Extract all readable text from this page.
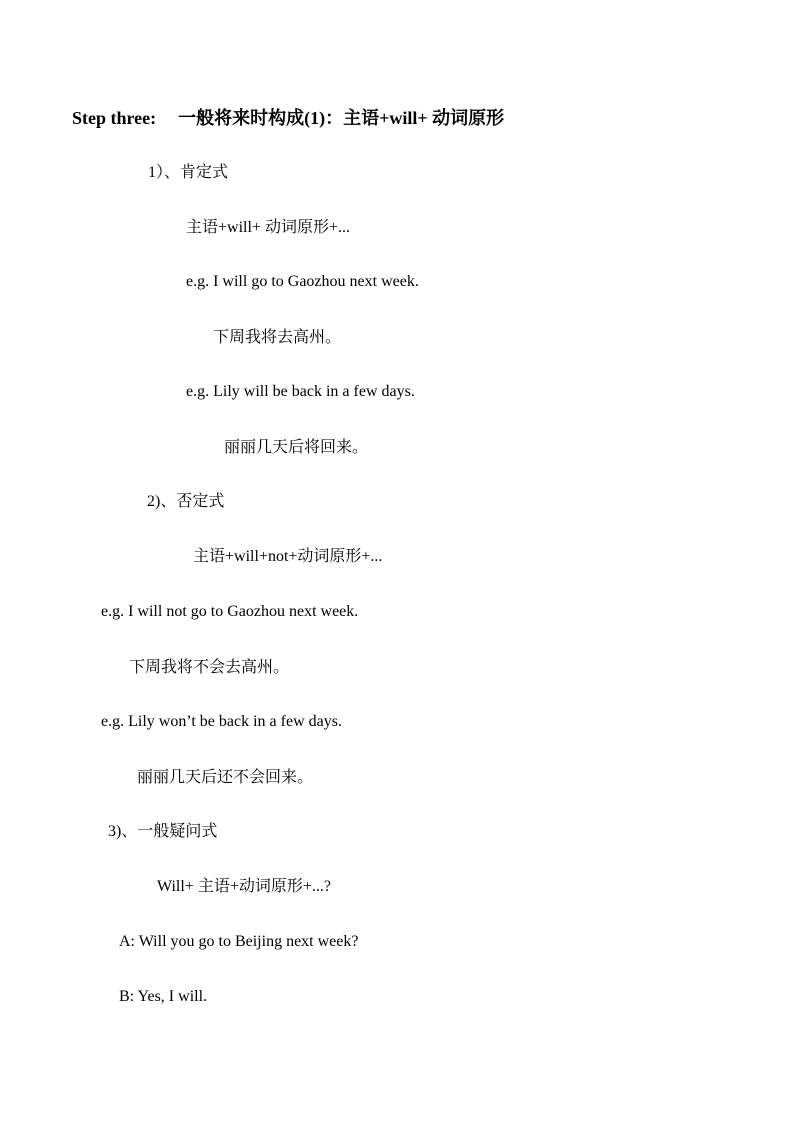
Step three: 一般将来时构成(1)：主语+will+ 动词原形
1）、肯定式
主语+will+ 动词原形+...
e.g. I will go to Gaozhou next week.
下周我将去高州。
e.g. Lily will be back in a few days.
丽丽几天后将回来。
2)、否定式
主语+will+not+动词原形+...
e.g. I will not go to Gaozhou next week.
下周我将不会去高州。
e.g. Lily won’t be back in a few days.
丽丽几天后还不会回来。
3)、一般疑问式
Will+ 主语+动词原形+...?
A: Will you go to Beijing next week?
B: Yes, I will.
